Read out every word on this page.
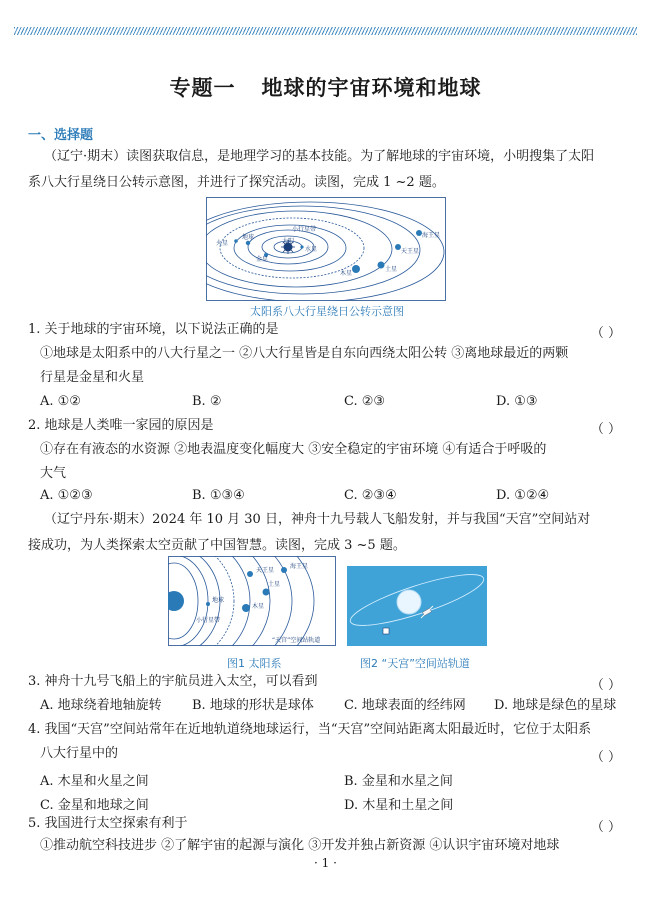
专题一 地球的宇宙环境和地球
一、选择题
（辽宁·期末）读图获取信息，是地理学习的基本技能。为了解地球的宇宙环境，小明搜集了太阳
系八大行星绕日公转示意图，并进行了探究活动。读图，完成 1 ~2 题。
小行星带
太阳
水星
金星
地球
火星
木星
土星
天王星
海王星
太阳系八大行星绕日公转示意图
1. 关于地球的宇宙环境，以下说法正确的是	（ ）
①地球是太阳系中的八大行星之一 ②八大行星皆是自东向西绕太阳公转 ③离地球最近的两颗
行星是金星和火星
A. ①②	B. ②	C. ②③	D. ①③
2. 地球是人类唯一家园的原因是	（ ）
①存在有液态的水资源 ②地表温度变化幅度大 ③安全稳定的宇宙环境 ④有适合于呼吸的
大气
A. ①②③	B. ①③④	C. ②③④	D. ①②④
（辽宁丹东·期末）2024 年 10 月 30 日，神舟十九号载人飞船发射，并与我国“天宫”空间站对
接成功，为人类探索太空贡献了中国智慧。读图，完成 3 ~5 题。
天王星
海王星
土星
木星
地球
小行星带
“天宫”空间站轨道
图1 太阳系	图2 “天宫”空间站轨道
3. 神舟十九号飞船上的宇航员进入太空，可以看到	（ ）
A. 地球绕着地轴旋转	B. 地球的形状是球体	C. 地球表面的经纬网	D. 地球是绿色的星球
4. 我国“天宫”空间站常年在近地轨道绕地球运行，当“天宫”空间站距离太阳最近时，它位于太阳系
八大行星中的	（ ）
A. 木星和火星之间	B. 金星和水星之间
C. 金星和地球之间	D. 木星和土星之间
5. 我国进行太空探索有利于	（ ）
①推动航空科技进步 ②了解宇宙的起源与演化 ③开发并独占新资源 ④认识宇宙环境对地球
· 1 ·
